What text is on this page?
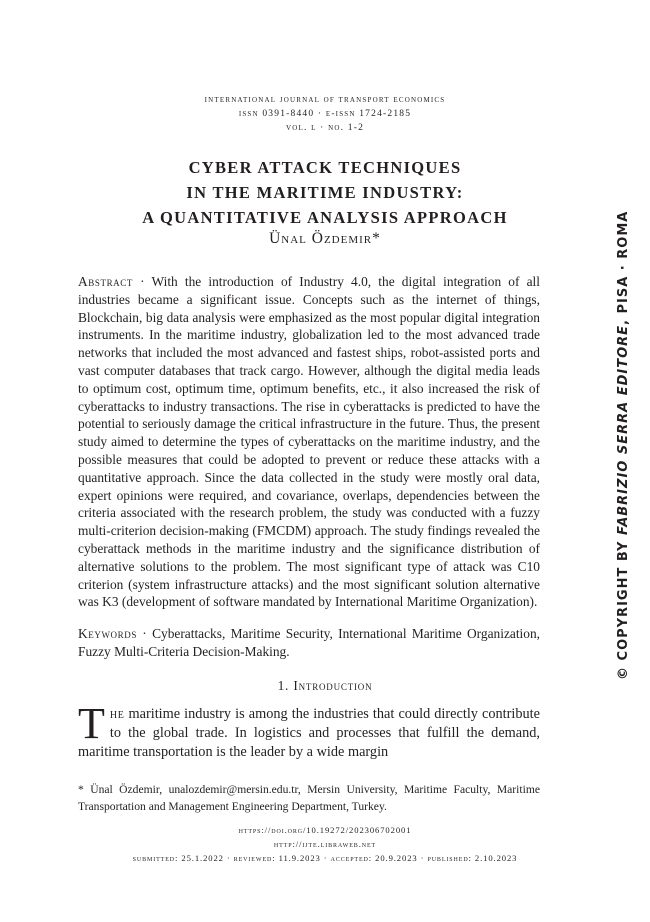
international journal of transport economics
issn 0391-8440 · e-issn 1724-2185
vol. l · no. 1-2
CYBER ATTACK TECHNIQUES
IN THE MARITIME INDUSTRY:
A QUANTITATIVE ANALYSIS APPROACH
Ünal Özdemir*

Abstract · With the introduction of Industry 4.0, the digital integration of all industries became a significant issue. Concepts such as the internet of things, Blockchain, big data analysis were emphasized as the most popular digital integration instruments. In the maritime industry, globalization led to the most advanced trade networks that included the most advanced and fastest ships, robot-assisted ports and vast computer databases that track cargo. However, although the digital media leads to optimum cost, optimum time, optimum benefits, etc., it also increased the risk of cyberattacks to industry transactions. The rise in cyberattacks is predicted to have the potential to seriously damage the critical infrastructure in the future. Thus, the present study aimed to determine the types of cyberattacks on the maritime industry, and the possible measures that could be adopted to prevent or reduce these attacks with a quantitative approach. Since the data collected in the study were mostly oral data, expert opinions were required, and covariance, overlaps, dependencies between the criteria associated with the research problem, the study was conducted with a fuzzy multi-criterion decision-making (FMCDM) approach. The study findings revealed the cyberattack methods in the maritime industry and the significance distribution of alternative solutions to the problem. The most significant type of attack was C10 criterion (system infrastructure attacks) and the most significant solution alternative was K3 (development of software mandated by International Maritime Organization).

Keywords · Cyberattacks, Maritime Security, International Maritime Organization, Fuzzy Multi-Criteria Decision-Making.
1. Introduction
The maritime industry is among the industries that could directly contribute to the global trade. In logistics and processes that fulfill the demand, maritime transportation is the leader by a wide margin
* Ünal Özdemir, unalozdemir@mersin.edu.tr, Mersin University, Maritime Faculty, Maritime Transportation and Management Engineering Department, Turkey.
https://doi.org/10.19272/202306702001
http://ijte.libraweb.net
submitted: 25.1.2022 · reviewed: 11.9.2023 · accepted: 20.9.2023 · published: 2.10.2023
© COPYRIGHT BY FABRIZIO SERRA EDITORE, PISA · ROMA
